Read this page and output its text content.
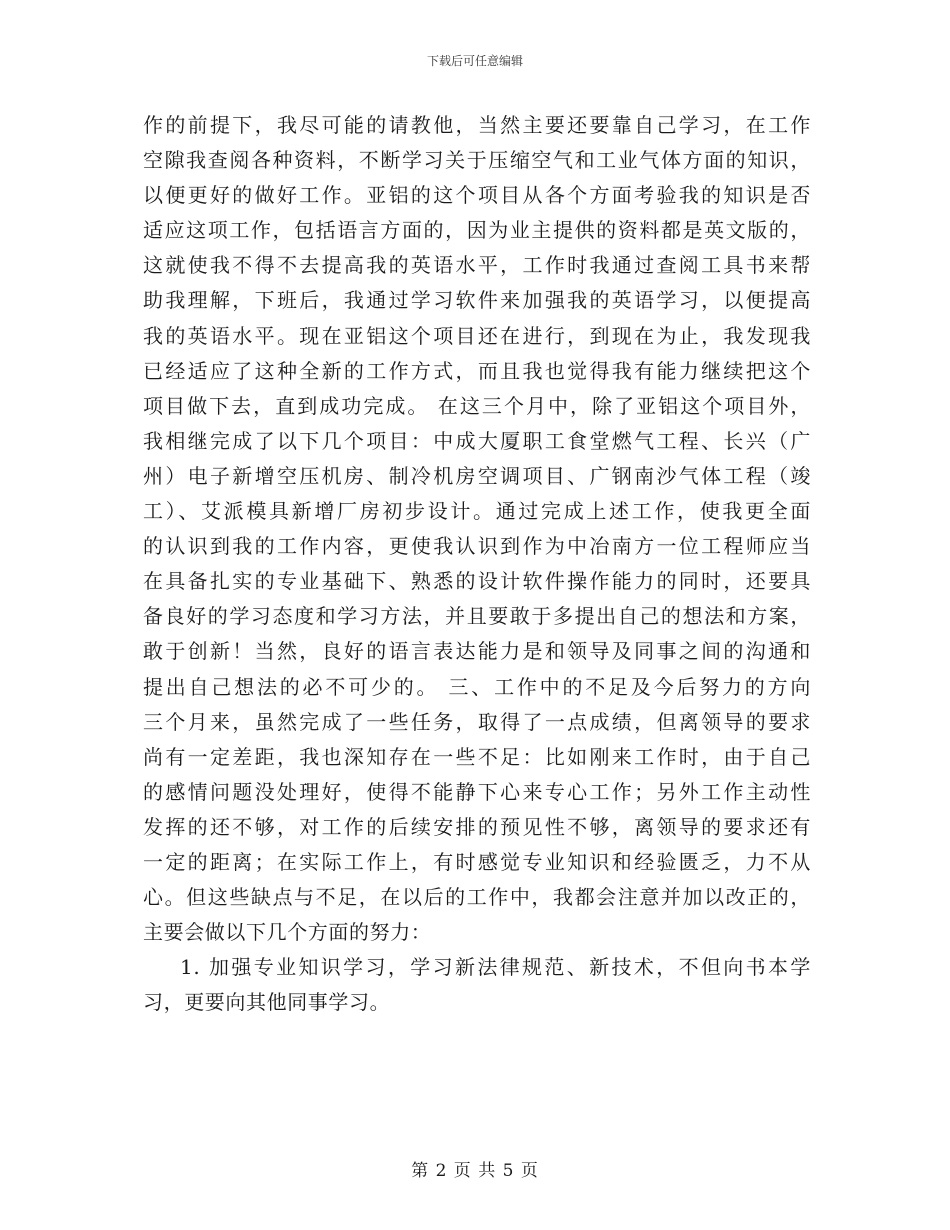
下载后可任意编辑
作的前提下，我尽可能的请教他，当然主要还要靠自己学习，在工作
空隙我查阅各种资料，不断学习关于压缩空气和工业气体方面的知识，
以便更好的做好工作。亚铝的这个项目从各个方面考验我的知识是否
适应这项工作，包括语言方面的，因为业主提供的资料都是英文版的，
这就使我不得不去提高我的英语水平，工作时我通过查阅工具书来帮
助我理解，下班后，我通过学习软件来加强我的英语学习，以便提高
我的英语水平。现在亚铝这个项目还在进行，到现在为止，我发现我
已经适应了这种全新的工作方式，而且我也觉得我有能力继续把这个
项目做下去，直到成功完成。 在这三个月中，除了亚铝这个项目外，
我相继完成了以下几个项目：中成大厦职工食堂燃气工程、长兴（广
州）电子新增空压机房、制冷机房空调项目、广钢南沙气体工程（竣
工）、艾派模具新增厂房初步设计。通过完成上述工作，使我更全面
的认识到我的工作内容，更使我认识到作为中冶南方一位工程师应当
在具备扎实的专业基础下、熟悉的设计软件操作能力的同时，还要具
备良好的学习态度和学习方法，并且要敢于多提出自己的想法和方案，
敢于创新！当然，良好的语言表达能力是和领导及同事之间的沟通和
提出自己想法的必不可少的。 三、工作中的不足及今后努力的方向
三个月来，虽然完成了一些任务，取得了一点成绩，但离领导的要求
尚有一定差距，我也深知存在一些不足：比如刚来工作时，由于自己
的感情问题没处理好，使得不能静下心来专心工作；另外工作主动性
发挥的还不够，对工作的后续安排的预见性不够，离领导的要求还有
一定的距离；在实际工作上，有时感觉专业知识和经验匮乏，力不从
心。但这些缺点与不足，在以后的工作中，我都会注意并加以改正的，
主要会做以下几个方面的努力：
1. 加强专业知识学习，学习新法律规范、新技术，不但向书本学
习，更要向其他同事学习。
第 2 页 共 5 页
